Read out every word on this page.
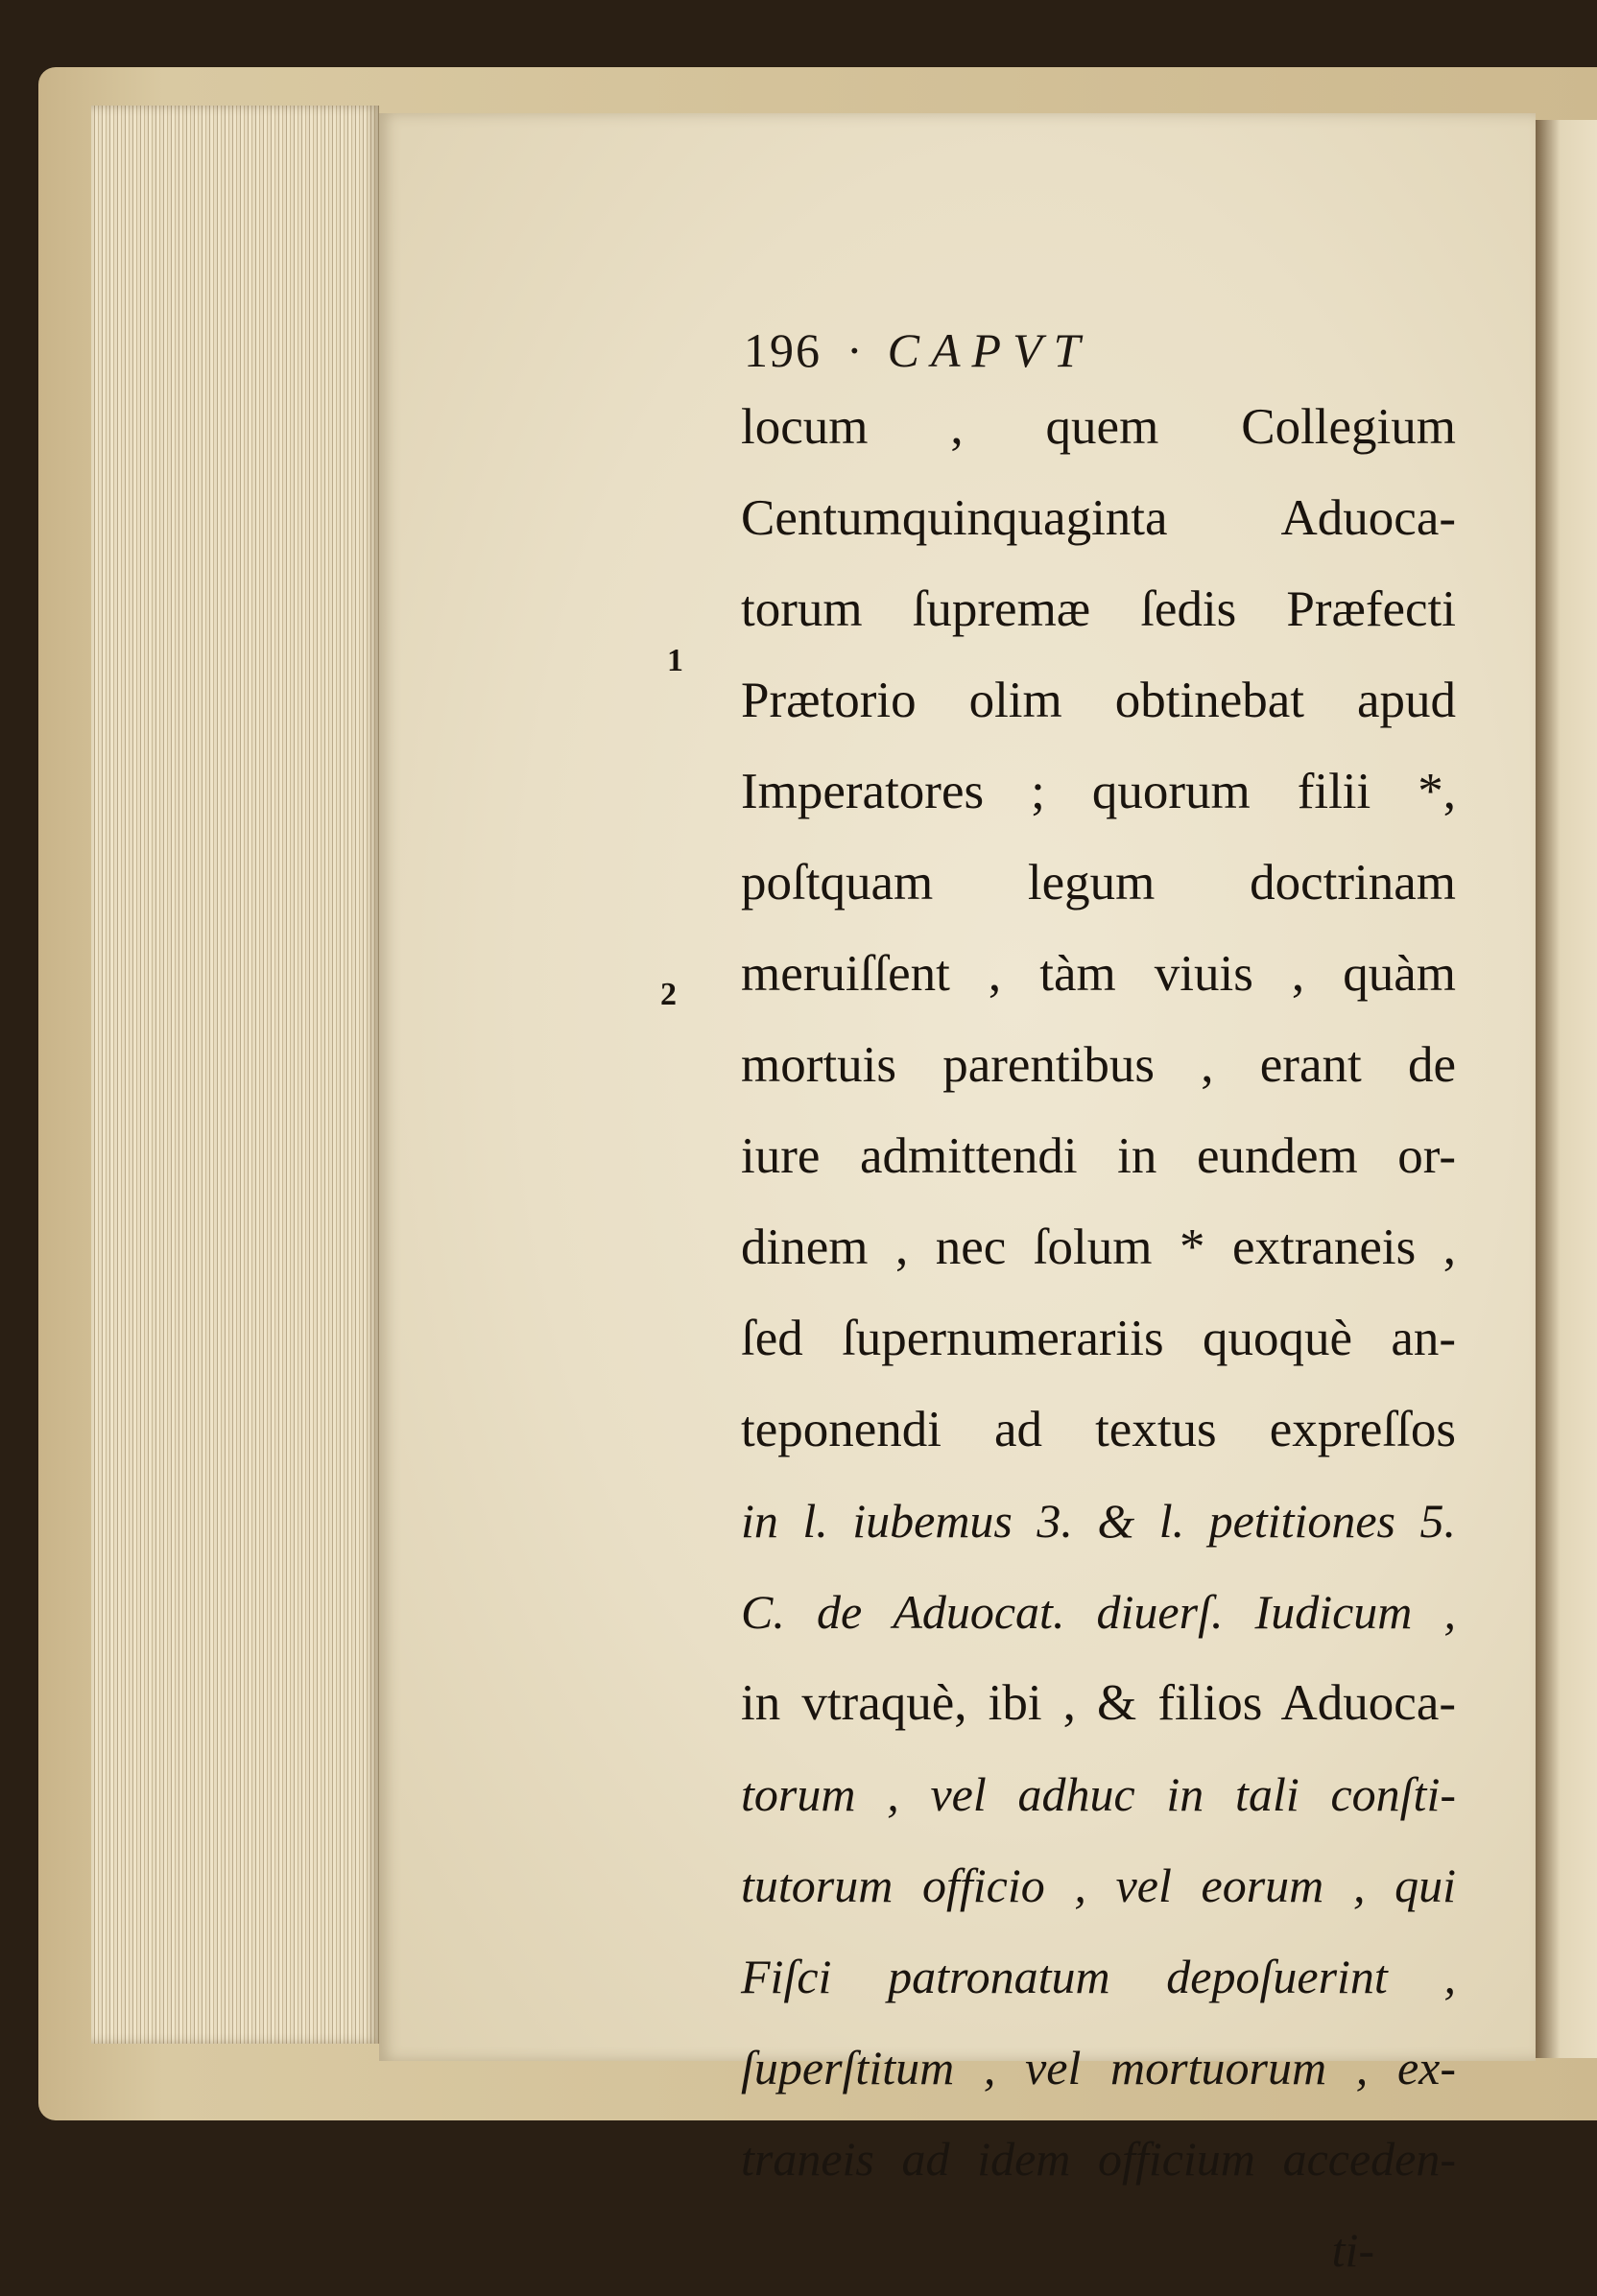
196 · CAPVT
1
2
locum , quem Collegium
Centumquinquaginta Aduoca-
torum ſupremæ ſedis Præfecti
Prætorio olim obtinebat apud
Imperatores ; quorum filii *,
poſtquam legum doctrinam
meruiſſent , tàm viuis , quàm
mortuis parentibus , erant de
iure admittendi in eundem or-
dinem , nec ſolum * extraneis ,
ſed ſupernumerariis quoquè an-
teponendi ad textus expreſſos
in l. iubemus 3. & l. petitiones 5.
C. de Aduocat. diuerſ. Iudicum ,
in vtraquè, ibi , & filios Aduoca-
torum , vel adhuc in tali conſti-
tutorum officio , vel eorum , qui
Fiſci patronatum depoſuerint ,
ſuperſtitum , vel mortuorum , ex-
traneis ad idem officium acceden-
ti-
